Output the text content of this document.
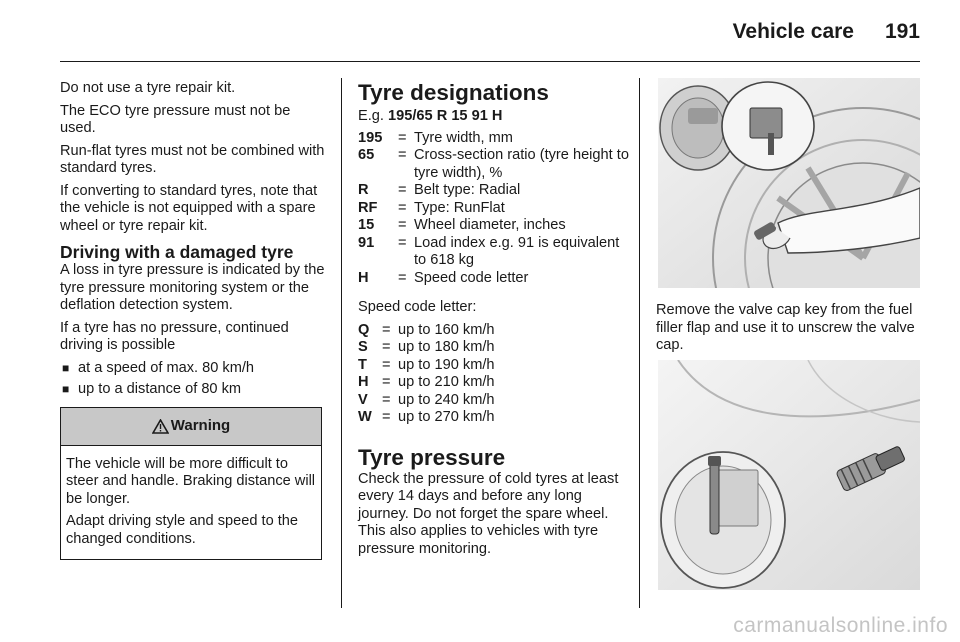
Vehicle care 191

Do not use a tyre repair kit.

The ECO tyre pressure must not be used.

Run-flat tyres must not be combined with standard tyres.

If converting to standard tyres, note that the vehicle is not equipped with a spare wheel or tyre repair kit.

Driving with a damaged tyre

A loss in tyre pressure is indicated by the tyre pressure monitoring system or the deflation detection system.

If a tyre has no pressure, continued driving is possible

■ at a speed of max. 80 km/h
■ up to a distance of 80 km
Warning

The vehicle will be more difficult to steer and handle. Braking distance will be longer.

Adapt driving style and speed to the changed conditions.

Tyre designations

E.g. 195/65 R 15 91 H

195	= Tyre width, mm
65	= Cross-section ratio (tyre height to tyre width), %
R	= Belt type: Radial
RF	= Type: RunFlat
15	= Wheel diameter, inches
91	= Load index e.g. 91 is equivalent to 618 kg
H	= Speed code letter

Speed code letter:

Q = up to 160 km/h
S = up to 180 km/h
T	= up to 190 km/h
H = up to 210 km/h
V = up to 240 km/h
W = up to 270 km/h
Tyre pressure

Check the pressure of cold tyres at least every 14 days and before any long journey. Do not forget the spare wheel. This also applies to vehicles with tyre pressure monitoring.

Remove the valve cap key from the fuel filler flap and use it to unscrew the valve cap.

carmanualsonline.info
